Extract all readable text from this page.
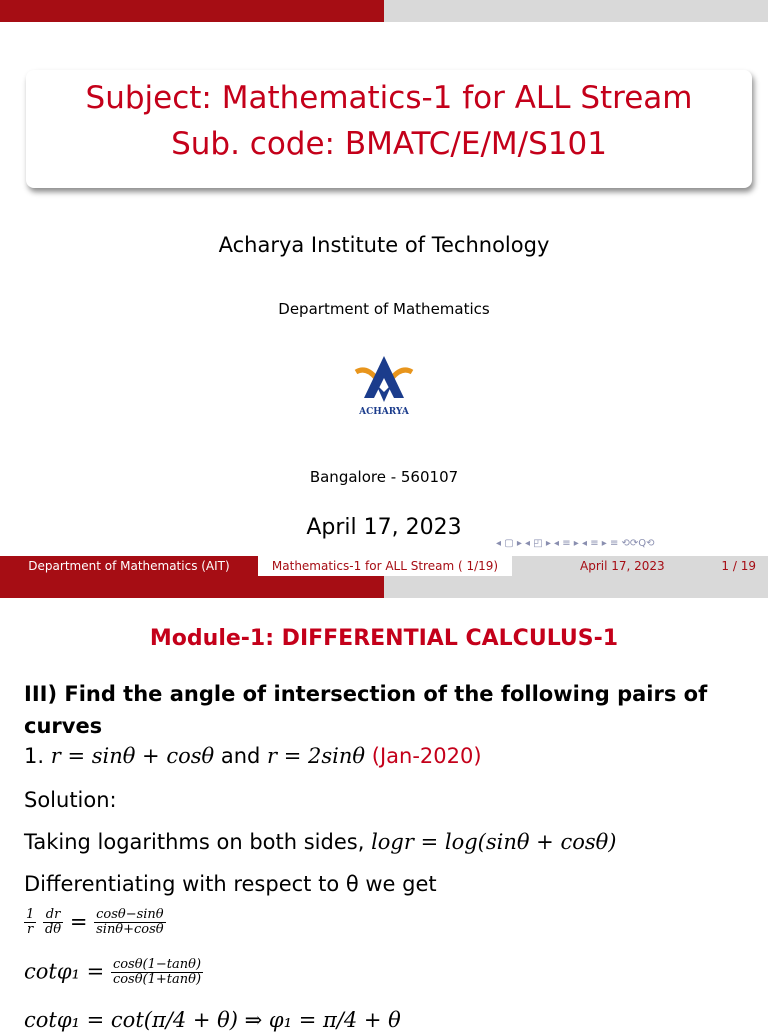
Subject: Mathematics-1 for ALL Stream
Sub. code: BMATC/E/M/S101
Acharya Institute of Technology
Department of Mathematics
ACHARYA
Bangalore - 560107
April 17, 2023
◂ ▢ ▸ ◂ ◰ ▸ ◂ ≡ ▸ ◂ ≡ ▸ ≡ ⟲⟳Q⟲
Department of Mathematics (AIT)	Mathematics-1 for ALL Stream ( 1/19)	April 17, 2023	1 / 19
Module-1: DIFFERENTIAL CALCULUS-1
III) Find the angle of intersection of the following pairs of curves
1. r = sinθ + cosθ and r = 2sinθ (Jan-2020)
Solution:
Taking logarithms on both sides, logr = log(sinθ + cosθ)
Differentiating with respect to θ we get
$\frac{1}{r}$
$\frac{dr}{d\theta} = \frac{\cos\theta-\sin\theta}{\sin\theta+\cos\theta}$
$\cot\varphi_1 = \frac{\cos\theta(1-\tan\theta)}{\cos\theta(1+\tan\theta)}$
cotφ₁ = cot(π/4 + θ) ⇒ φ₁ = π/4 + θ
